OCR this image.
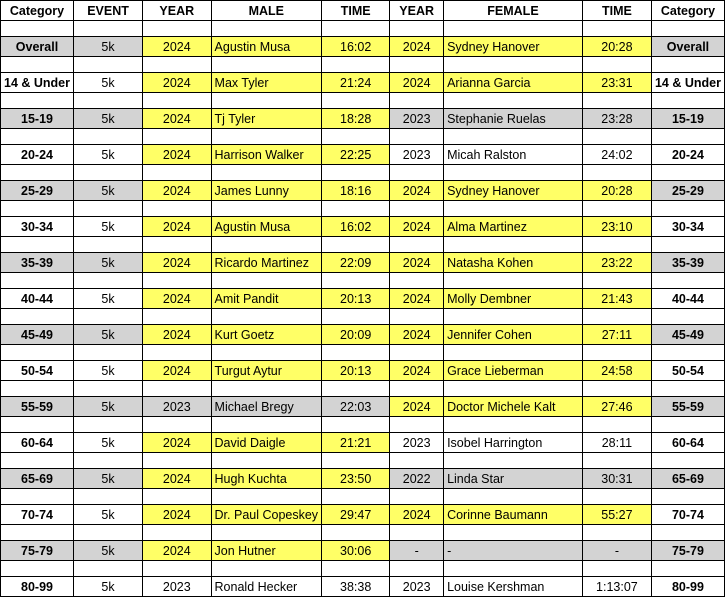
Category	EVENT	YEAR	MALE	TIME	YEAR	FEMALE	TIME	Category

Overall	5k	2024	Agustin Musa	16:02	2024	Sydney Hanover	20:28	Overall

14 & Under	5k	2024	Max Tyler	21:24	2024	Arianna Garcia	23:31	14 & Under

15-19	5k	2024	Tj Tyler	18:28	2023	Stephanie Ruelas	23:28	15-19

20-24	5k	2024	Harrison Walker	22:25	2023	Micah Ralston	24:02	20-24

25-29	5k	2024	James Lunny	18:16	2024	Sydney Hanover	20:28	25-29

30-34	5k	2024	Agustin Musa	16:02	2024	Alma Martinez	23:10	30-34

35-39	5k	2024	Ricardo Martinez	22:09	2024	Natasha Kohen	23:22	35-39

40-44	5k	2024	Amit Pandit	20:13	2024	Molly Dembner	21:43	40-44

45-49	5k	2024	Kurt Goetz	20:09	2024	Jennifer Cohen	27:11	45-49

50-54	5k	2024	Turgut Aytur	20:13	2024	Grace Lieberman	24:58	50-54

55-59	5k	2023	Michael Bregy	22:03	2024	Doctor Michele Kalt	27:46	55-59

60-64	5k	2024	David Daigle	21:21	2023	Isobel Harrington	28:11	60-64

65-69	5k	2024	Hugh Kuchta	23:50	2022	Linda Star	30:31	65-69

70-74	5k	2024	Dr. Paul Copeskey	29:47	2024	Corinne Baumann	55:27	70-74

75-79	5k	2024	Jon Hutner	30:06	-	-	-	75-79

80-99	5k	2023	Ronald Hecker	38:38	2023	Louise Kershman	1:13:07	80-99
